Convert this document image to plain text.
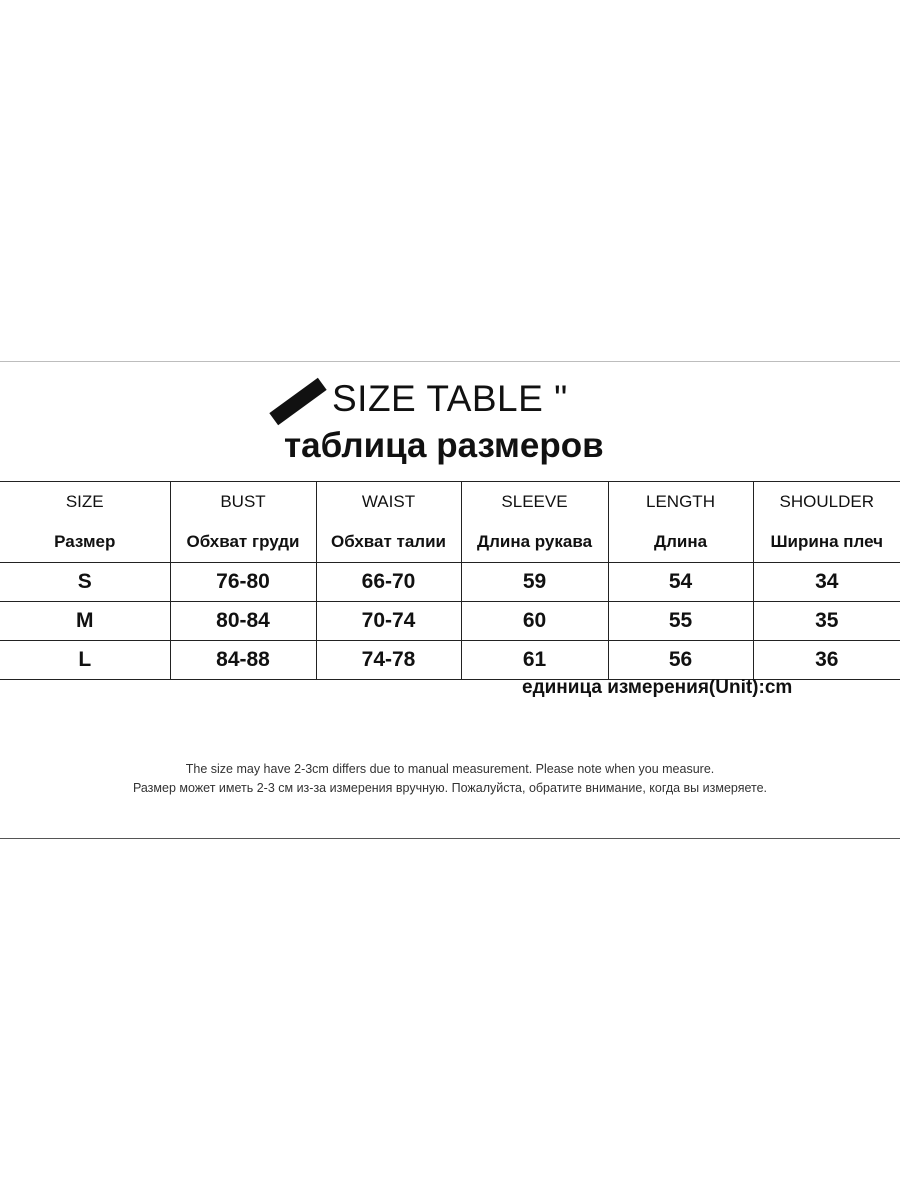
SIZE TABLE "
таблица размеров
SIZE	BUST	WAIST	SLEEVE	LENGTH	SHOULDER
Размер	Обхват груди	Обхват талии	Длина рукава	Длина	Ширина плеч
S	76-80	66-70	59	54	34
M	80-84	70-74	60	55	35
L	84-88	74-78	61	56	36
единица измерения(Unit):cm
The size may have 2-3cm differs due to manual measurement. Please note when you measure.
Размер может иметь 2-3 см из-за измерения вручную. Пожалуйста, обратите внимание, когда вы измеряете.
